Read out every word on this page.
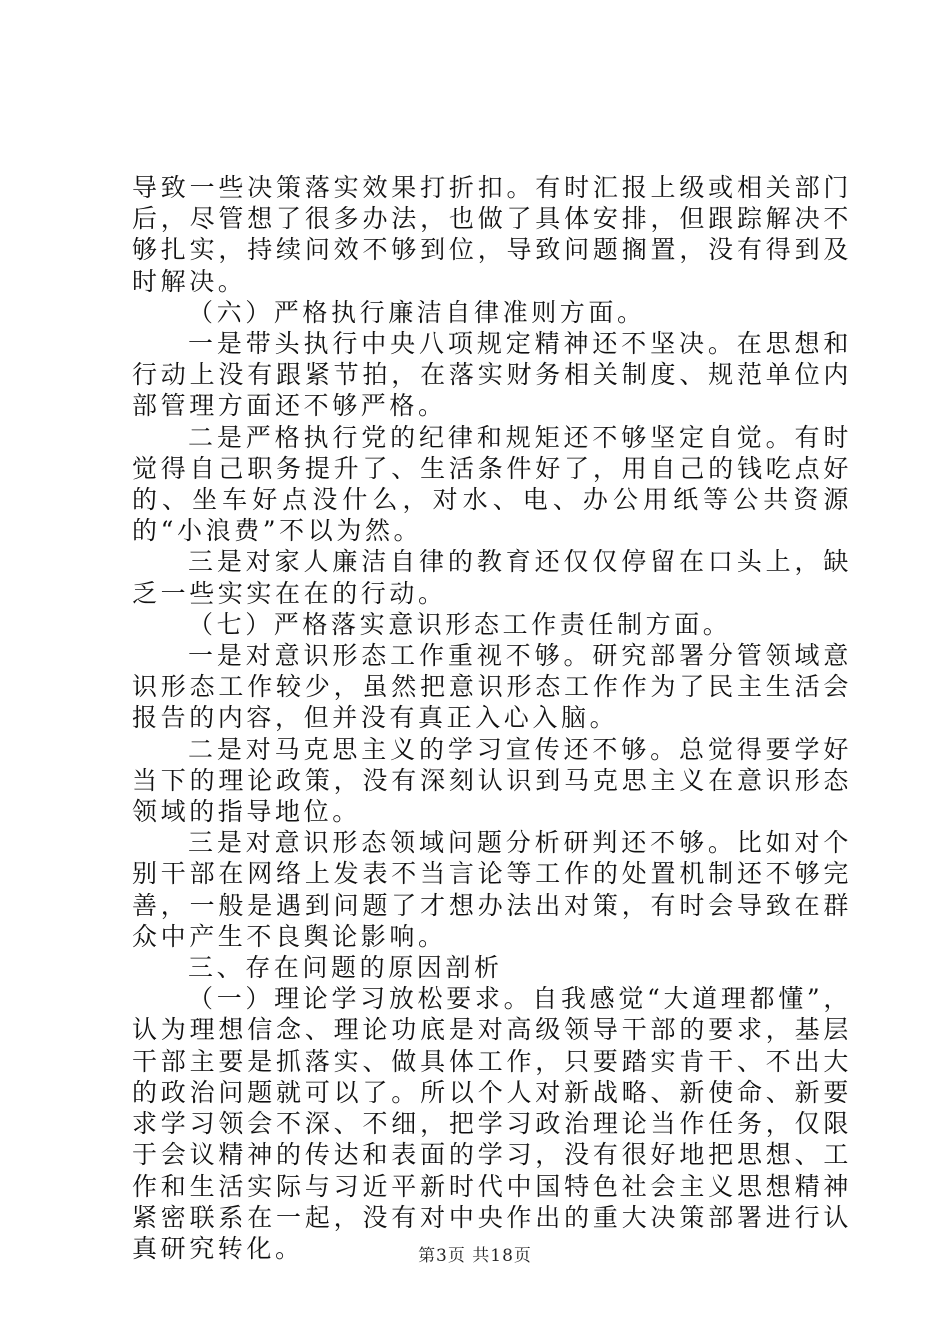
导致一些决策落实效果打折扣。有时汇报上级或相关部门后，尽管想了很多办法，也做了具体安排，但跟踪解决不够扎实，持续问效不够到位，导致问题搁置，没有得到及时解决。

（六）严格执行廉洁自律准则方面。

一是带头执行中央八项规定精神还不坚决。在思想和行动上没有跟紧节拍，在落实财务相关制度、规范单位内部管理方面还不够严格。

二是严格执行党的纪律和规矩还不够坚定自觉。有时觉得自己职务提升了、生活条件好了，用自己的钱吃点好的、坐车好点没什么，对水、电、办公用纸等公共资源的“小浪费”不以为然。

三是对家人廉洁自律的教育还仅仅停留在口头上，缺乏一些实实在在的行动。

（七）严格落实意识形态工作责任制方面。

一是对意识形态工作重视不够。研究部署分管领域意识形态工作较少，虽然把意识形态工作作为了民主生活会报告的内容，但并没有真正入心入脑。

二是对马克思主义的学习宣传还不够。总觉得要学好当下的理论政策，没有深刻认识到马克思主义在意识形态领域的指导地位。

三是对意识形态领域问题分析研判还不够。比如对个别干部在网络上发表不当言论等工作的处置机制还不够完善，一般是遇到问题了才想办法出对策，有时会导致在群众中产生不良舆论影响。

三、存在问题的原因剖析

（一）理论学习放松要求。自我感觉“大道理都懂”，认为理想信念、理论功底是对高级领导干部的要求，基层干部主要是抓落实、做具体工作，只要踏实肯干、不出大的政治问题就可以了。所以个人对新战略、新使命、新要求学习领会不深、不细，把学习政治理论当作任务，仅限于会议精神的传达和表面的学习，没有很好地把思想、工作和生活实际与习近平新时代中国特色社会主义思想精神紧密联系在一起，没有对中央作出的重大决策部署进行认真研究转化。	第3页 共18页
